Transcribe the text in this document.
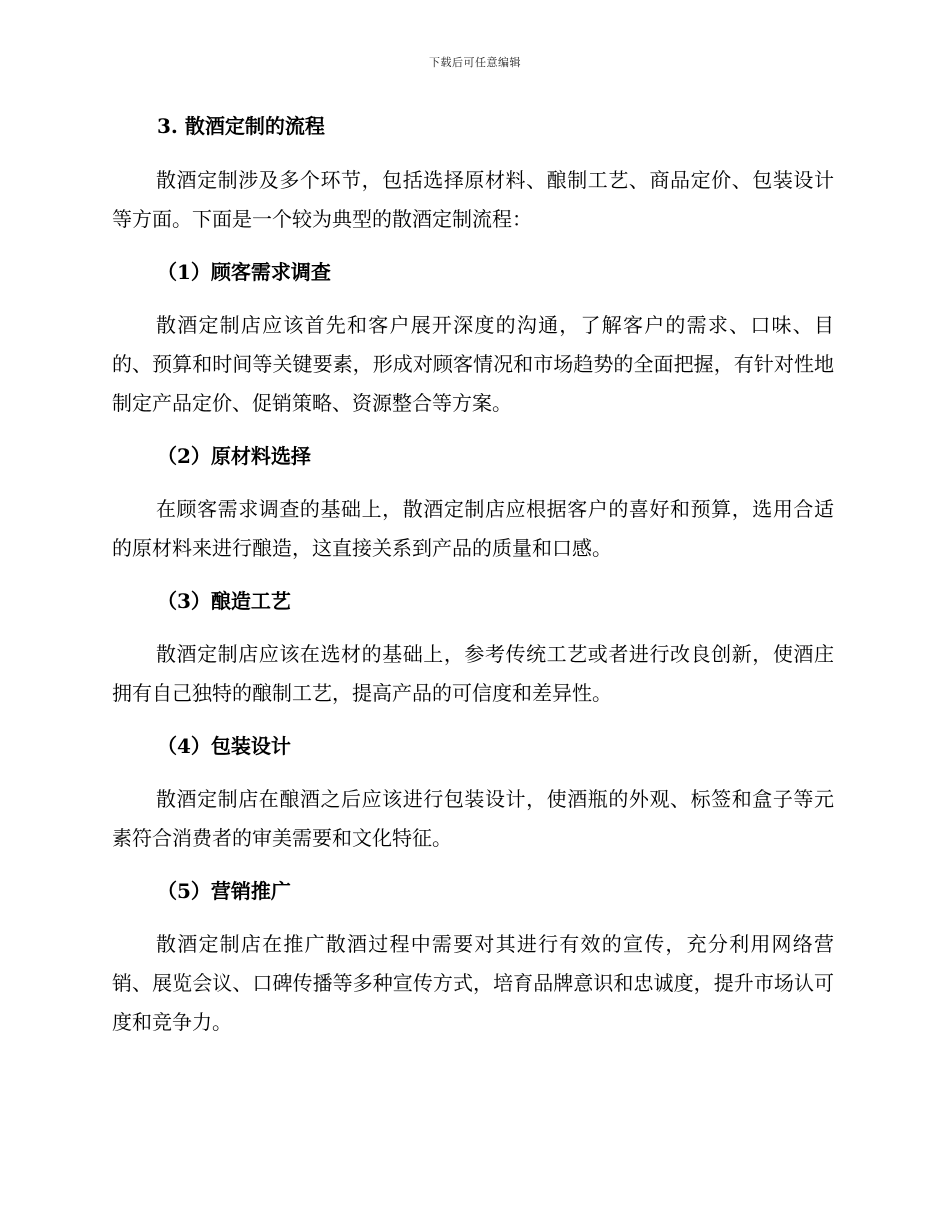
下载后可任意编辑
3. 散酒定制的流程

散酒定制涉及多个环节，包括选择原材料、酿制工艺、商品定价、包装设计等方面。下面是一个较为典型的散酒定制流程：

（1）顾客需求调查

散酒定制店应该首先和客户展开深度的沟通，了解客户的需求、口味、目的、预算和时间等关键要素，形成对顾客情况和市场趋势的全面把握，有针对性地制定产品定价、促销策略、资源整合等方案。

（2）原材料选择

在顾客需求调查的基础上，散酒定制店应根据客户的喜好和预算，选用合适的原材料来进行酿造，这直接关系到产品的质量和口感。

（3）酿造工艺

散酒定制店应该在选材的基础上，参考传统工艺或者进行改良创新，使酒庄拥有自己独特的酿制工艺，提高产品的可信度和差异性。

（4）包装设计

散酒定制店在酿酒之后应该进行包装设计，使酒瓶的外观、标签和盒子等元素符合消费者的审美需要和文化特征。

（5）营销推广

散酒定制店在推广散酒过程中需要对其进行有效的宣传，充分利用网络营销、展览会议、口碑传播等多种宣传方式，培育品牌意识和忠诚度，提升市场认可度和竞争力。
